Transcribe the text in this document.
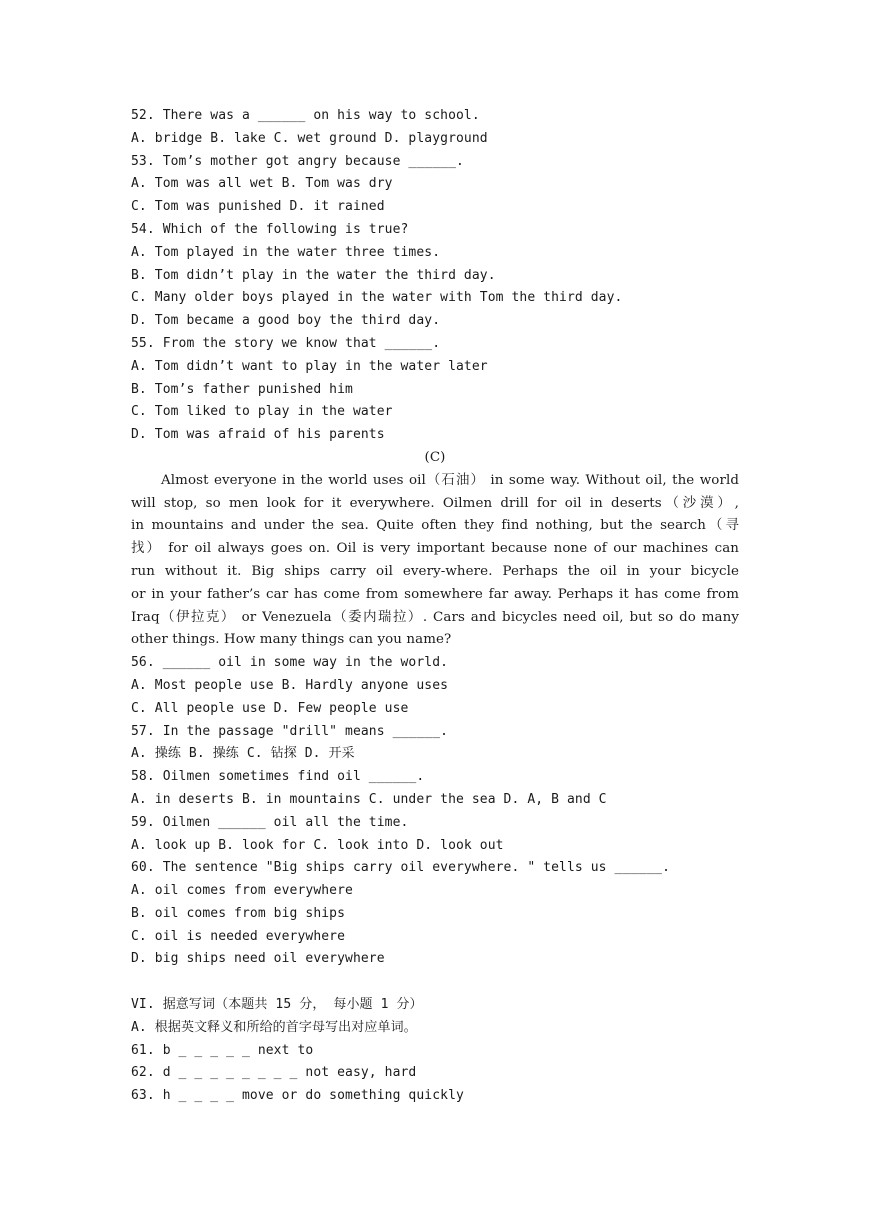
52. There was a ______ on his way to school.
A. bridge B. lake C. wet ground D. playground
53. Tom’s mother got angry because ______.
A. Tom was all wet B. Tom was dry
C. Tom was punished D. it rained
54. Which of the following is true?
A. Tom played in the water three times.
B. Tom didn’t play in the water the third day.
C. Many older boys played in the water with Tom the third day.
D. Tom became a good boy the third day.
55. From the story we know that ______.
A. Tom didn’t want to play in the water later
B. Tom’s father punished him
C. Tom liked to play in the water
D. Tom was afraid of his parents
(C)
Almost everyone in the world uses oil（石油） in some way. Without oil, the world
will stop, so men look for it everywhere. Oilmen drill for oil in deserts（沙漠）,
in mountains and under the sea. Quite often they find nothing, but the search（寻
找） for oil always goes on. Oil is very important because none of our machines can
run without it. Big ships carry oil every-where. Perhaps the oil in your bicycle
or in your father’s car has come from somewhere far away. Perhaps it has come from
Iraq（伊拉克） or Venezuela（委内瑞拉）. Cars and bicycles need oil, but so do many
other things. How many things can you name?
56. ______ oil in some way in the world.
A. Most people use B. Hardly anyone uses
C. All people use D. Few people use
57. In the passage "drill" means ______.
A. 操练 B. 操练 C. 钻探 D. 开采
58. Oilmen sometimes find oil ______.
A. in deserts B. in mountains C. under the sea D. A, B and C
59. Oilmen ______ oil all the time.
A. look up B. look for C. look into D. look out
60. The sentence "Big ships carry oil everywhere. " tells us ______.
A. oil comes from everywhere
B. oil comes from big ships
C. oil is needed everywhere
D. big ships need oil everywhere
VI. 据意写词（本题共 15 分， 每小题 1 分）
A. 根据英文释义和所给的首字母写出对应单词。
61. b _ _ _ _ _ next to
62. d _ _ _ _ _ _ _ _ not easy, hard
63. h _ _ _ _ move or do something quickly
